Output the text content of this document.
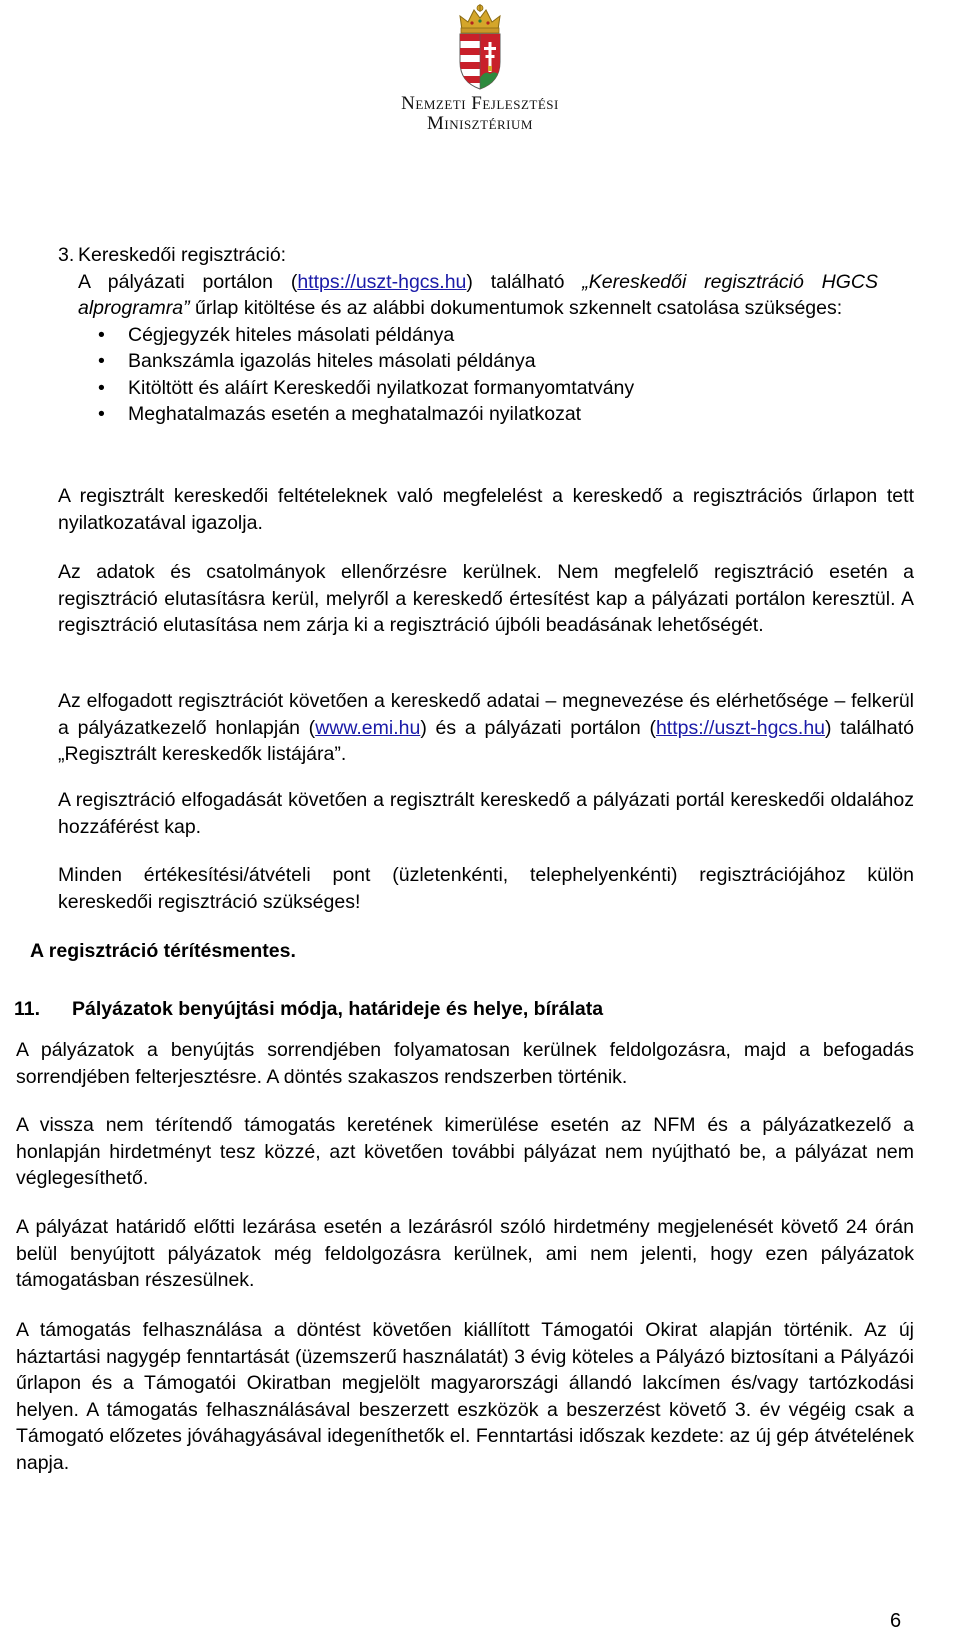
Nemzeti Fejlesztési
Minisztérium
3. Kereskedői regisztráció:

A pályázati portálon (https://uszt-hgcs.hu) található „Kereskedői regisztráció HGCS alprogramra” űrlap kitöltése és az alábbi dokumentumok szkennelt csatolása szükséges:

• Cégjegyzék hiteles másolati példánya
• Bankszámla igazolás hiteles másolati példánya
• Kitöltött és aláírt Kereskedői nyilatkozat formanyomtatvány
• Meghatalmazás esetén a meghatalmazói nyilatkozat

A regisztrált kereskedői feltételeknek való megfelelést a kereskedő a regisztrációs űrlapon tett nyilatkozatával igazolja.

Az adatok és csatolmányok ellenőrzésre kerülnek. Nem megfelelő regisztráció esetén a regisztráció elutasításra kerül, melyről a kereskedő értesítést kap a pályázati portálon keresztül. A regisztráció elutasítása nem zárja ki a regisztráció újbóli beadásának lehetőségét.

Az elfogadott regisztrációt követően a kereskedő adatai – megnevezése és elérhetősége – felkerül a pályázatkezelő honlapján (www.emi.hu) és a pályázati portálon (https://uszt-hgcs.hu) található „Regisztrált kereskedők listájára”.

A regisztráció elfogadását követően a regisztrált kereskedő a pályázati portál kereskedői oldalához hozzáférést kap.

Minden értékesítési/átvételi pont (üzletenkénti, telephelyenkénti) regisztrációjához külön kereskedői regisztráció szükséges!

A regisztráció térítésmentes.
11. Pályázatok benyújtási módja, határideje és helye, bírálata

A pályázatok a benyújtás sorrendjében folyamatosan kerülnek feldolgozásra, majd a befogadás sorrendjében felterjesztésre. A döntés szakaszos rendszerben történik.

A vissza nem térítendő támogatás keretének kimerülése esetén az NFM és a pályázatkezelő a honlapján hirdetményt tesz közzé, azt követően további pályázat nem nyújtható be, a pályázat nem véglegesíthető.

A pályázat határidő előtti lezárása esetén a lezárásról szóló hirdetmény megjelenését követő 24 órán belül benyújtott pályázatok még feldolgozásra kerülnek, ami nem jelenti, hogy ezen pályázatok támogatásban részesülnek.

A támogatás felhasználása a döntést követően kiállított Támogatói Okirat alapján történik. Az új háztartási nagygép fenntartását (üzemszerű használatát) 3 évig köteles a Pályázó biztosítani a Pályázói űrlapon és a Támogatói Okiratban megjelölt magyarországi állandó lakcímen és/vagy tartózkodási helyen. A támogatás felhasználásával beszerzett eszközök a beszerzést követő 3. év végéig csak a Támogató előzetes jóváhagyásával idegeníthetők el. Fenntartási időszak kezdete: az új gép átvételének napja.

6
